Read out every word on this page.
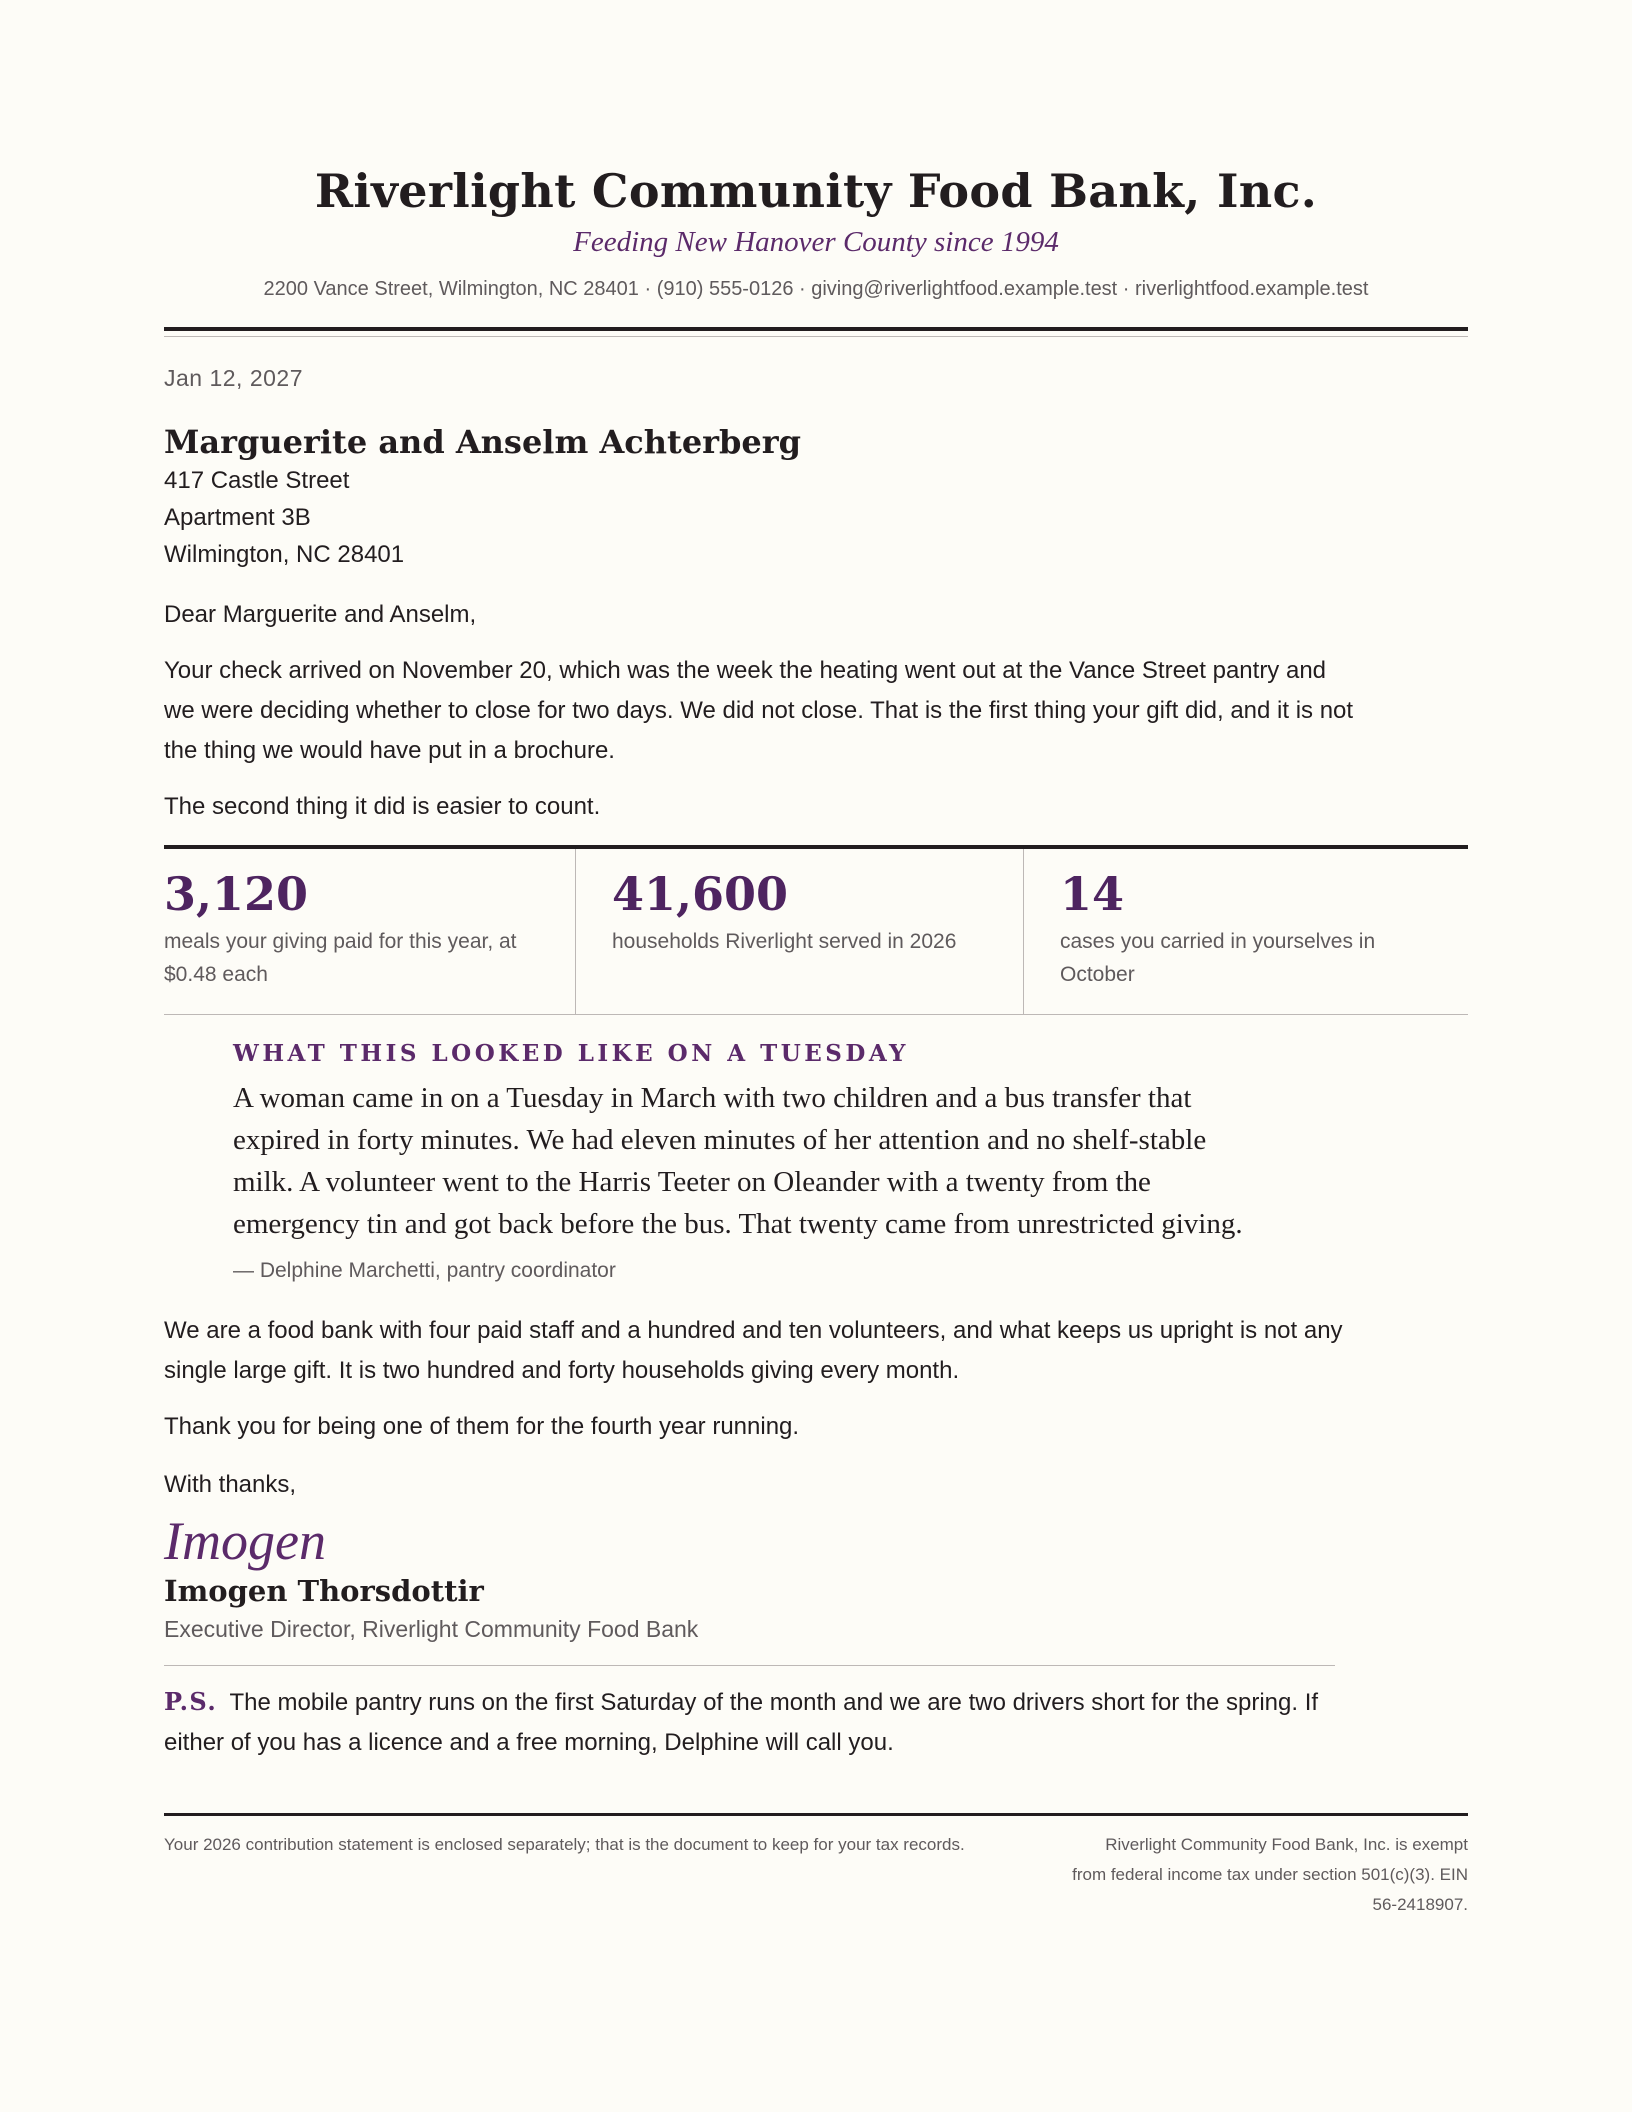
Riverlight Community Food Bank, Inc.
Feeding New Hanover County since 1994
2200 Vance Street, Wilmington, NC 28401 · (910) 555-0126 · giving@riverlightfood.example.test · riverlightfood.example.test
Jan 12, 2027
Marguerite and Anselm Achterberg
417 Castle Street
Apartment 3B
Wilmington, NC 28401

Dear Marguerite and Anselm,

Your check arrived on November 20, which was the week the heating went out at the Vance Street pantry and we were deciding whether to close for two days. We did not close. That is the first thing your gift did, and it is not the thing we would have put in a brochure.

The second thing it did is easier to count.

3,120
meals your giving paid for this year, at $0.48 each
41,600
households Riverlight served in 2026
14
cases you carried in yourselves in October
WHAT THIS LOOKED LIKE ON A TUESDAY
A woman came in on a Tuesday in March with two children and a bus transfer that expired in forty minutes. We had eleven minutes of her attention and no shelf-stable milk. A volunteer went to the Harris Teeter on Oleander with a twenty from the emergency tin and got back before the bus. That twenty came from unrestricted giving.
— Delphine Marchetti, pantry coordinator

We are a food bank with four paid staff and a hundred and ten volunteers, and what keeps us upright is not any single large gift. It is two hundred and forty households giving every month.

Thank you for being one of them for the fourth year running.

With thanks,

Imogen
Imogen Thorsdottir
Executive Director, Riverlight Community Food Bank
P.S. The mobile pantry runs on the first Saturday of the month and we are two drivers short for the spring. If either of you has a licence and a free morning, Delphine will call you.
Your 2026 contribution statement is enclosed separately; that is the document to keep for your tax records.	Riverlight Community Food Bank, Inc. is exempt from federal income tax under section 501(c)(3). EIN 56-2418907.
